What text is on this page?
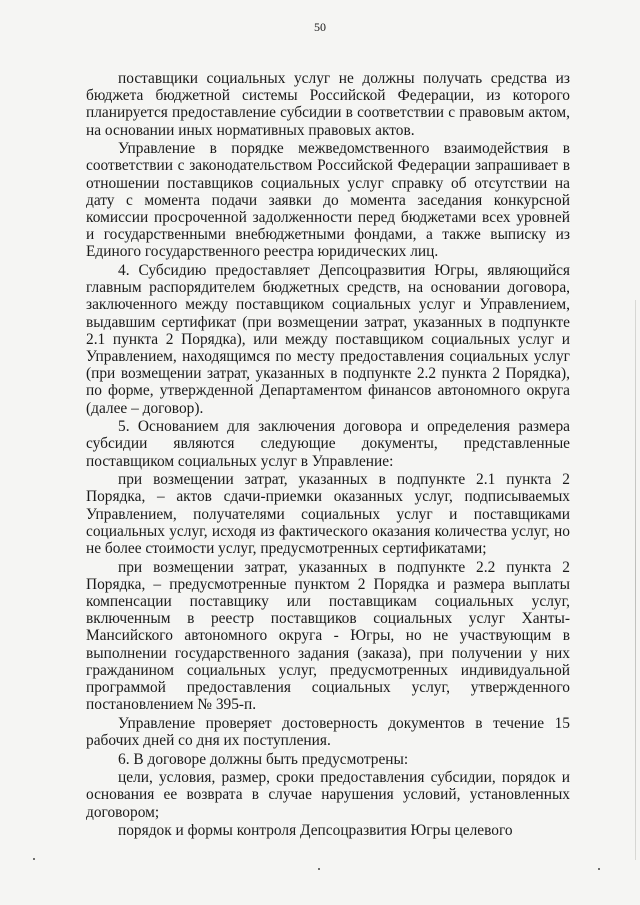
50

поставщики социальных услуг не должны получать средства из бюджета бюджетной системы Российской Федерации, из которого планируется предоставление субсидии в соответствии с правовым актом, на основании иных нормативных правовых актов.

Управление в порядке межведомственного взаимодействия в соответствии с законодательством Российской Федерации запрашивает в отношении поставщиков социальных услуг справку об отсутствии на дату с момента подачи заявки до момента заседания конкурсной комиссии просроченной задолженности перед бюджетами всех уровней и государственными внебюджетными фондами, а также выписку из Единого государственного реестра юридических лиц.

4. Субсидию предоставляет Депсоцразвития Югры, являющийся главным распорядителем бюджетных средств, на основании договора, заключенного между поставщиком социальных услуг и Управлением, выдавшим сертификат (при возмещении затрат, указанных в подпункте 2.1 пункта 2 Порядка), или между поставщиком социальных услуг и Управлением, находящимся по месту предоставления социальных услуг (при возмещении затрат, указанных в подпункте 2.2 пункта 2 Порядка), по форме, утвержденной Департаментом финансов автономного округа (далее – договор).

5. Основанием для заключения договора и определения размера субсидии являются следующие документы, представленные поставщиком социальных услуг в Управление:

при возмещении затрат, указанных в подпункте 2.1 пункта 2 Порядка, – актов сдачи-приемки оказанных услуг, подписываемых Управлением, получателями социальных услуг и поставщиками социальных услуг, исходя из фактического оказания количества услуг, но не более стоимости услуг, предусмотренных сертификатами;

при возмещении затрат, указанных в подпункте 2.2 пункта 2 Порядка, – предусмотренные пунктом 2 Порядка и размера выплаты компенсации поставщику или поставщикам социальных услуг, включенным в реестр поставщиков социальных услуг Ханты-Мансийского автономного округа - Югры, но не участвующим в выполнении государственного задания (заказа), при получении у них гражданином социальных услуг, предусмотренных индивидуальной программой предоставления социальных услуг, утвержденного постановлением № 395-п.

Управление проверяет достоверность документов в течение 15 рабочих дней со дня их поступления.

6. В договоре должны быть предусмотрены:

цели, условия, размер, сроки предоставления субсидии, порядок и основания ее возврата в случае нарушения условий, установленных договором;

порядок и формы контроля Депсоцразвития Югры целевого
